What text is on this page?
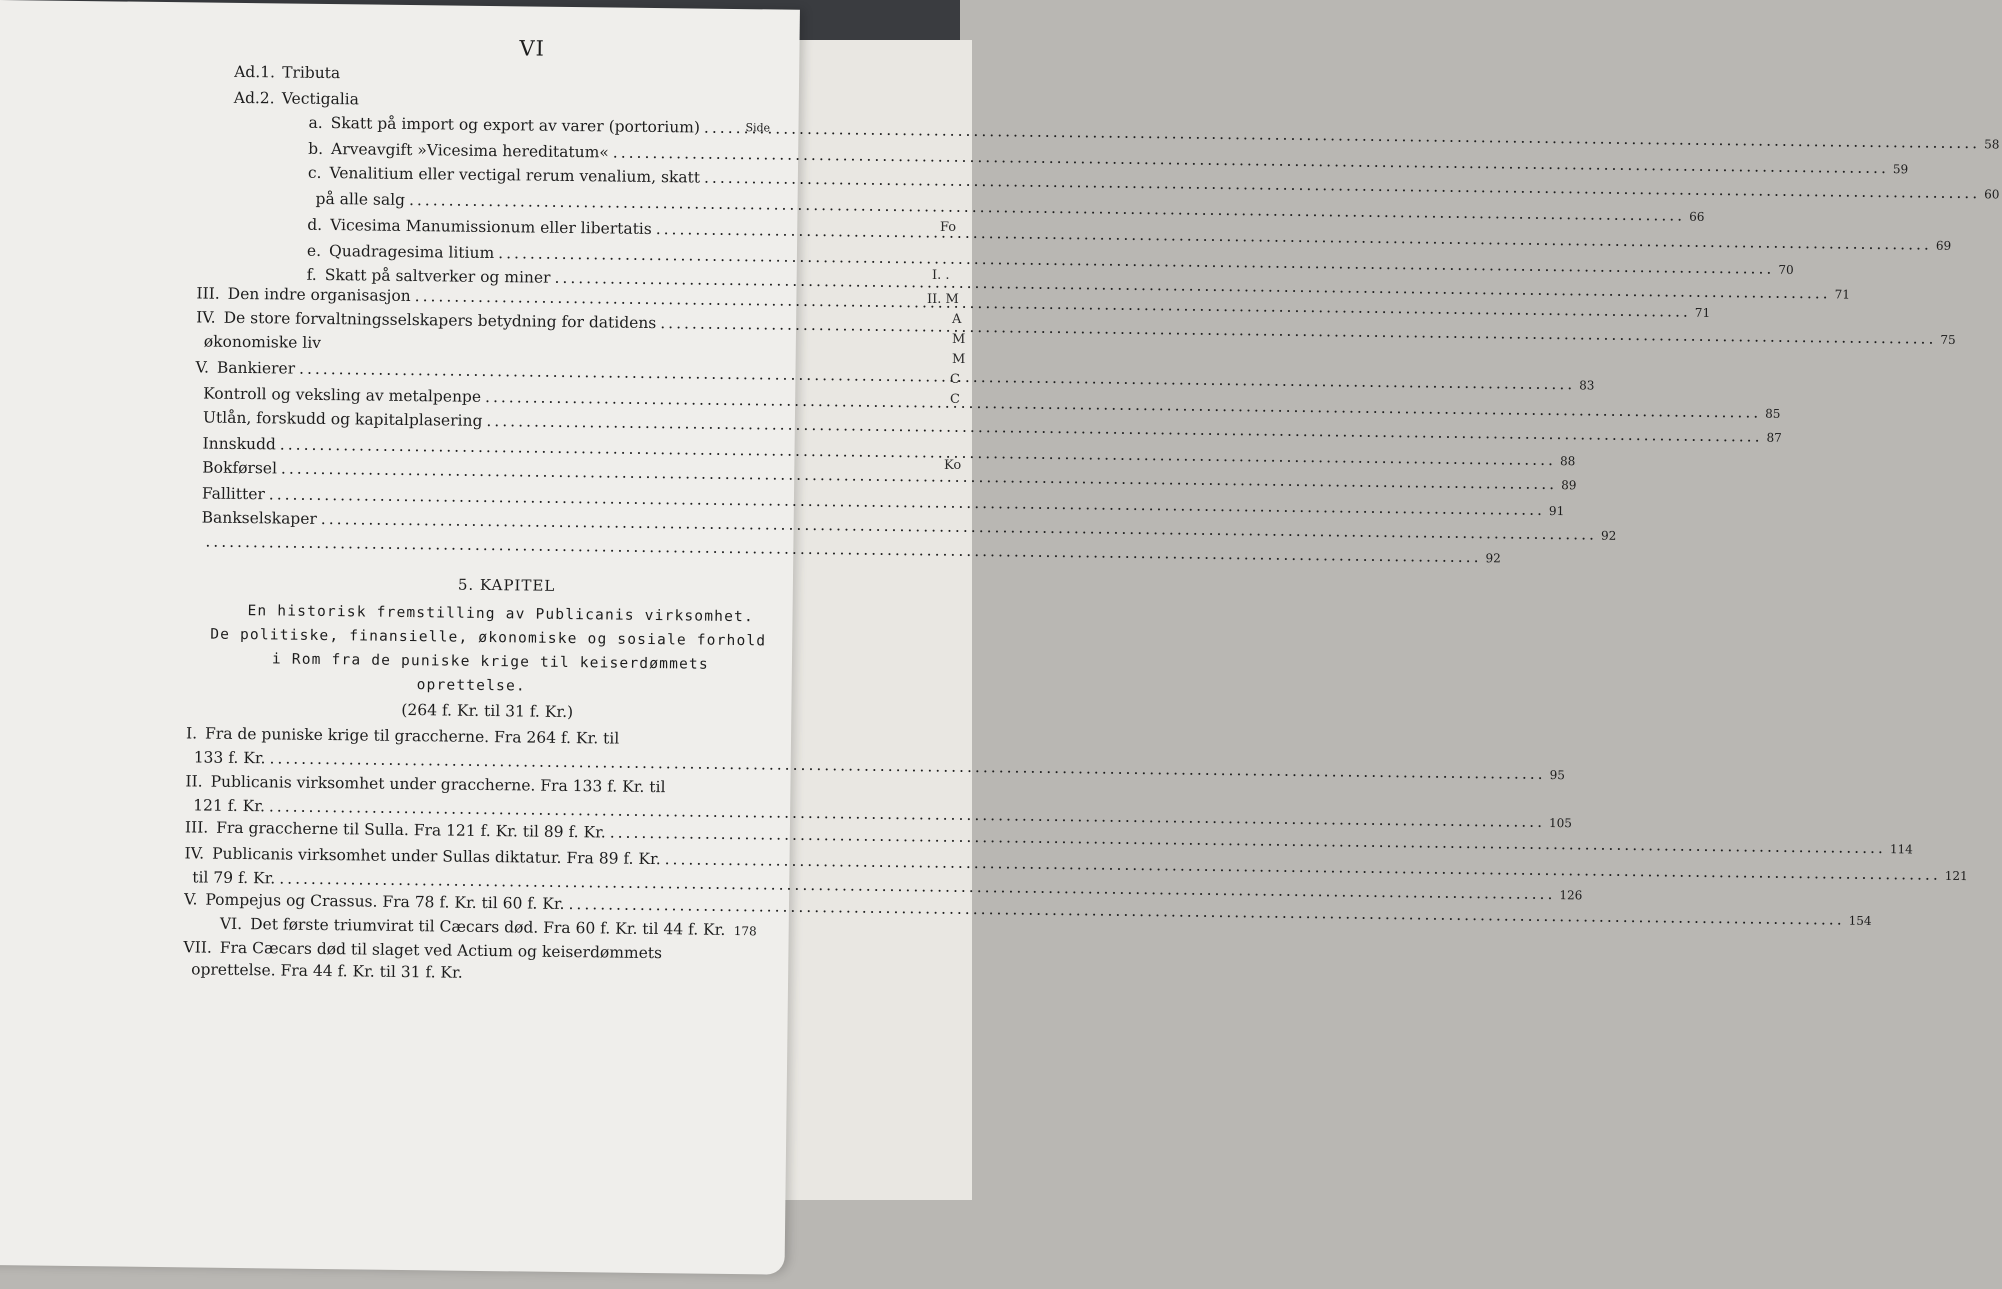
Fo
I. .
II. M
A
M
M
C
C
Ko
VI
Side
Ad.1. Tributa
Ad.2. Vectigalia
a. Skatt på import og export av varer (portorium)
.....
58
b. Arveavgift »Vicesima hereditatum«
.....
59
c. Venalitium eller vectigal rerum venalium, skatt
.....
60
på alle salg
.....
66
d. Vicesima Manumissionum eller libertatis
.....
69
e. Quadragesima litium
.....
70
f. Skatt på saltverker og miner
.....
71
III. Den indre organisasjon
.....
71
IV. De store forvaltningsselskapers betydning for datidens
.....
75
økonomiske liv
V. Bankierer
.....
83
Kontroll og veksling av metalpenpe
.....
85
Utlån, forskudd og kapitalplasering
.....
87
Innskudd
.....
88
Bokførsel
.....
89
Fallitter
.....
91
Bankselskaper
.....
92
.....
92
5. KAPITEL
En historisk fremstilling av Publicanis virksomhet.
De politiske, finansielle, økonomiske og sosiale forhold
i Rom fra de puniske krige til keiserdømmets
oprettelse.
(264 f. Kr. til 31 f. Kr.)
I. Fra de puniske krige til graccherne. Fra 264 f. Kr. til
133 f. Kr.
.....
95
II. Publicanis virksomhet under graccherne. Fra 133 f. Kr. til
121 f. Kr.
.....
105
III. Fra graccherne til Sulla. Fra 121 f. Kr. til 89 f. Kr.
.....
114
IV. Publicanis virksomhet under Sullas diktatur. Fra 89 f. Kr.
.....
121
til 79 f. Kr.
.....
126
V. Pompejus og Crassus. Fra 78 f. Kr. til 60 f. Kr.
.....
154
VI. Det første triumvirat til Cæcars død. Fra 60 f. Kr. til 44 f. Kr.
..... 178
VII. Fra Cæcars død til slaget ved Actium og keiserdømmets
oprettelse. Fra 44 f. Kr. til 31 f. Kr.
